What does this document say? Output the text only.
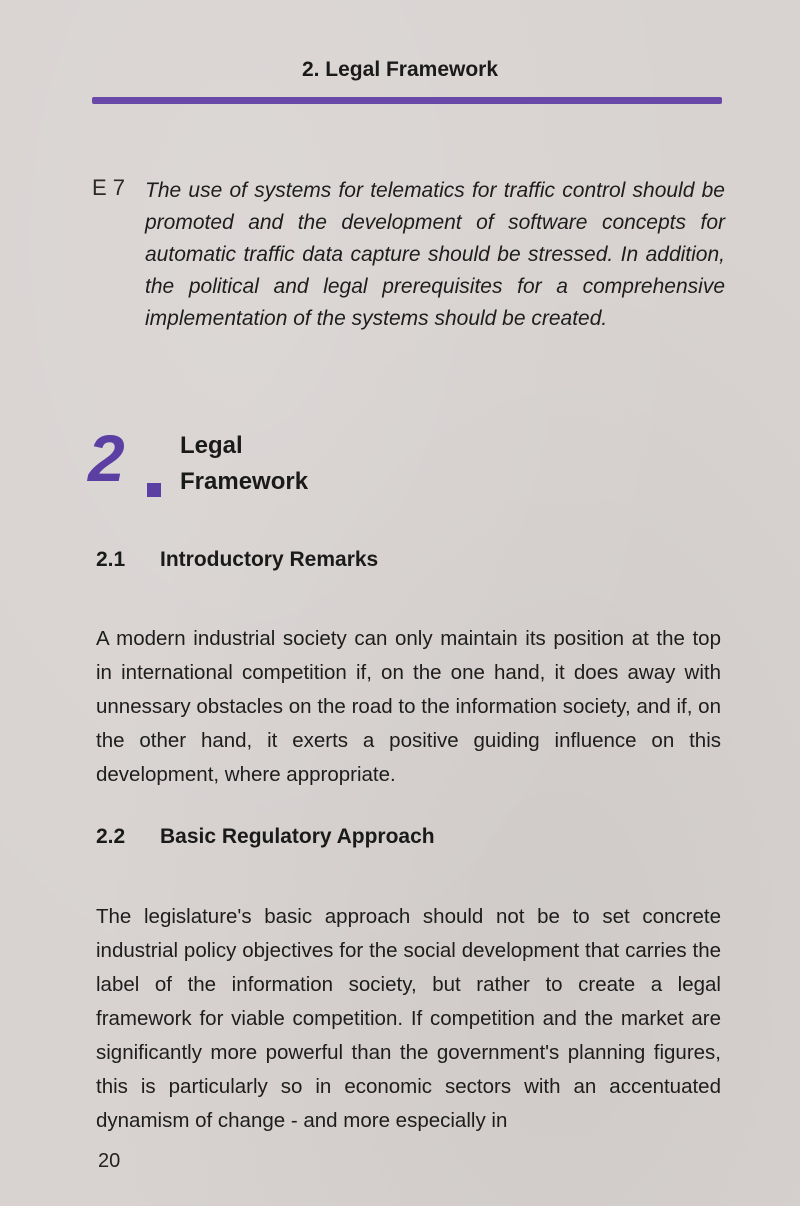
2. Legal Framework
E 7 The use of systems for telematics for traffic control should be promoted and the development of software concepts for automatic traffic data capture should be stressed. In addition, the political and legal prerequisites for a comprehensive implementation of the systems should be created.

2 Legal
Framework
2.1 Introductory Remarks

A modern industrial society can only maintain its position at the top in international competition if, on the one hand, it does away with unnessary obstacles on the road to the information society, and if, on the other hand, it exerts a positive guiding influence on this development, where appropriate.

2.2 Basic Regulatory Approach

The legislature's basic approach should not be to set concrete industrial policy objectives for the social development that carries the label of the information society, but rather to create a legal framework for viable competition. If competition and the market are significantly more powerful than the government's planning figures, this is particularly so in economic sectors with an accentuated dynamism of change - and more especially in

20
